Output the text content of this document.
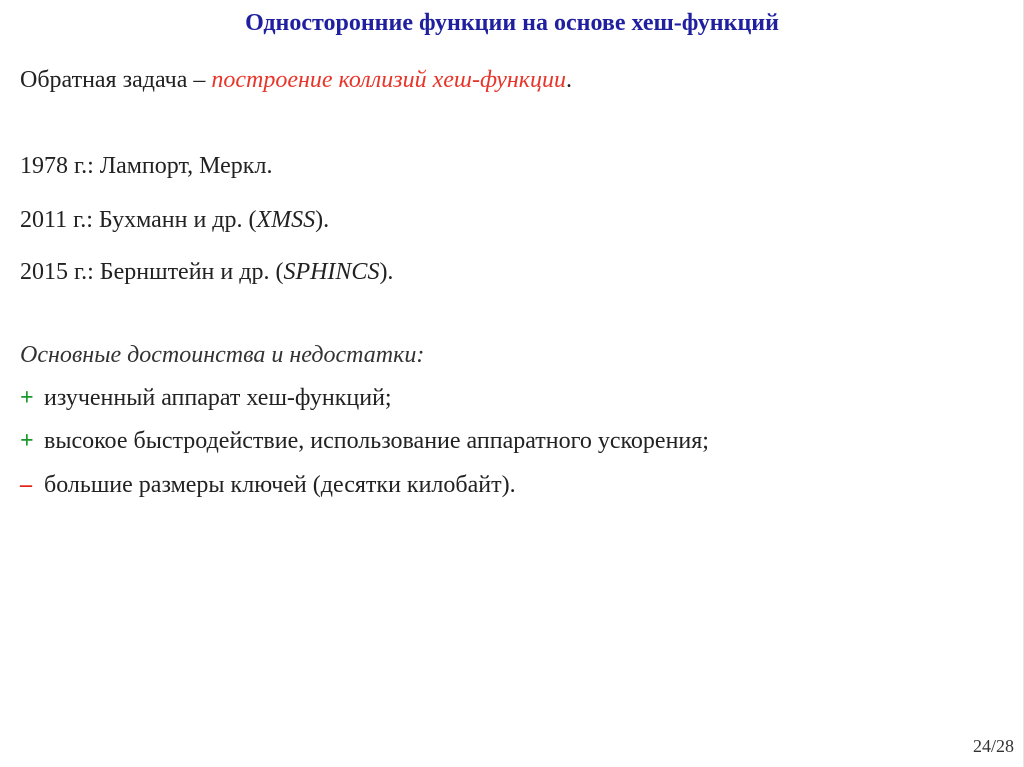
Односторонние функции на основе хеш-функций
Обратная задача – построение коллизий хеш-функции.
1978 г.: Лампорт, Меркл.
2011 г.: Бухманн и др. (XMSS).
2015 г.: Бернштейн и др. (SPHINCS).
Основные достоинства и недостатки:
+ изученный аппарат хеш-функций;
+ высокое быстродействие, использование аппаратного ускорения;
– большие размеры ключей (десятки килобайт).
24/28
